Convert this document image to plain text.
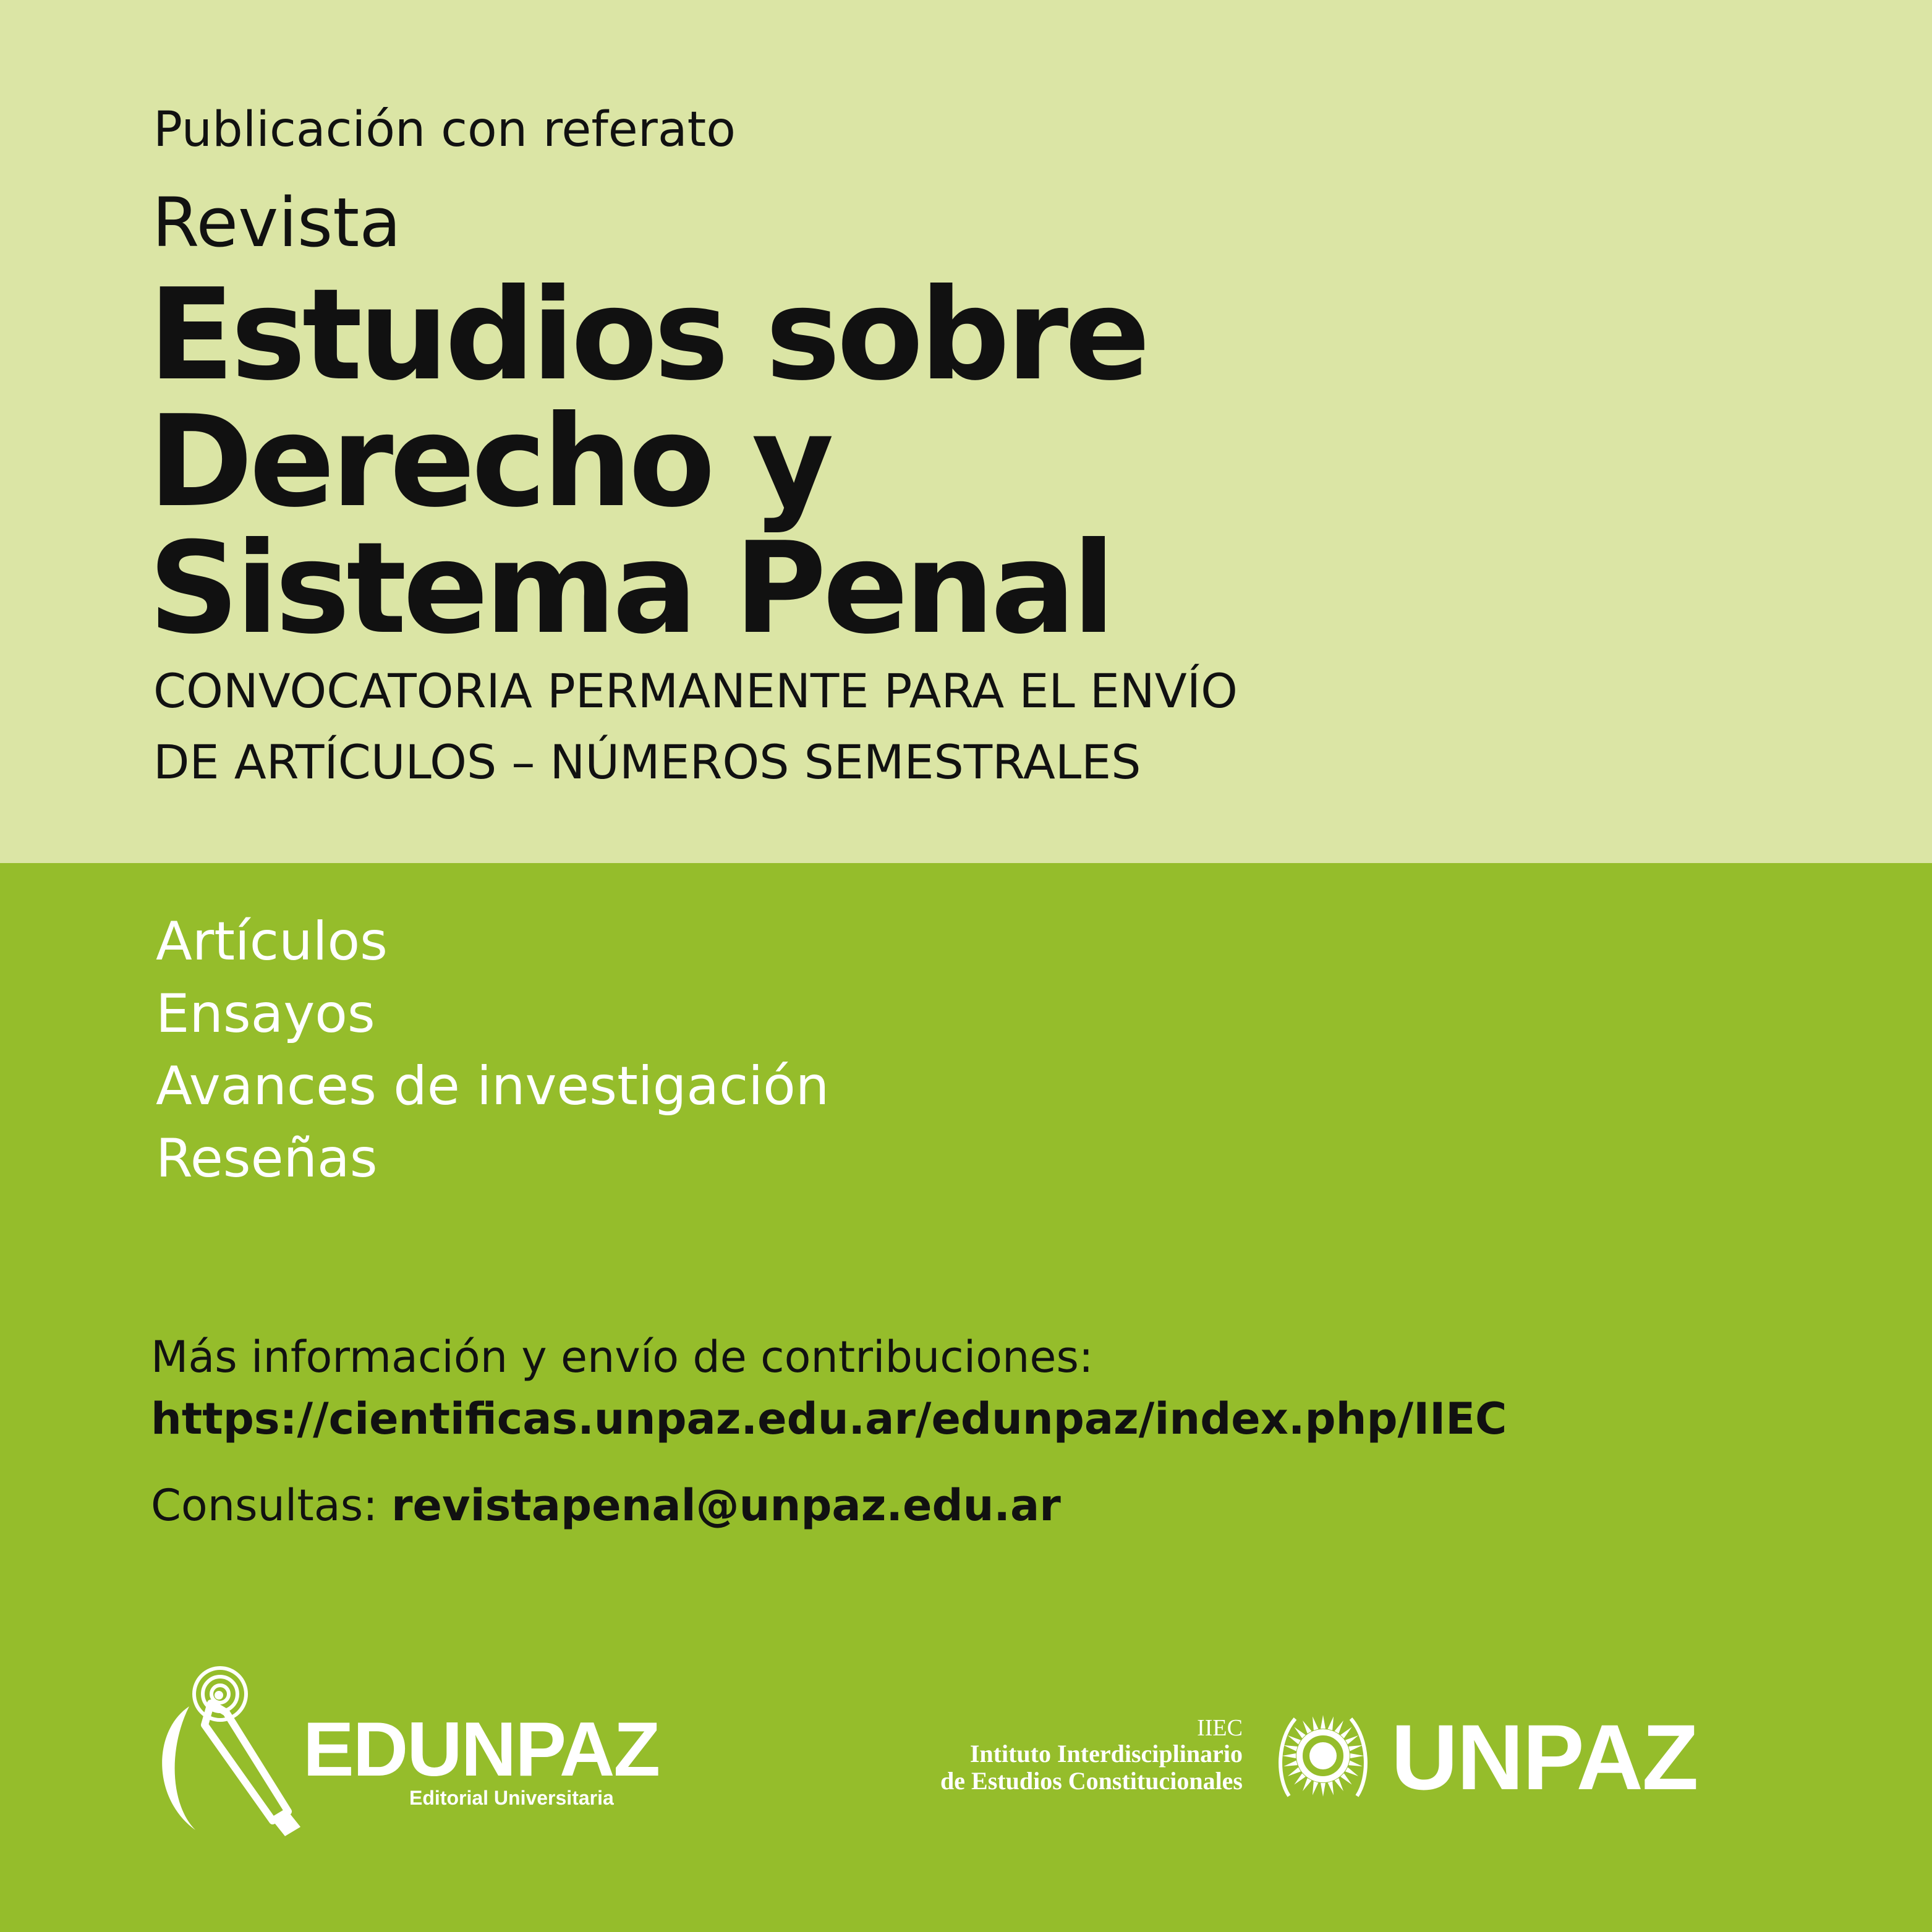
Publicación con referato
Revista
Estudios sobre
Derecho y
Sistema Penal
CONVOCATORIA PERMANENTE PARA EL ENVÍO
DE ARTÍCULOS – NÚMEROS SEMESTRALES
Artículos
Ensayos
Avances de investigación
Reseñas
Más información y envío de contribuciones:
https://cientificas.unpaz.edu.ar/edunpaz/index.php/IIEC
Consultas: revistapenal@unpaz.edu.ar
EDUNPAZ
Editorial Universitaria
IIEC
Intituto Interdisciplinario
de Estudios Constitucionales UNPAZ
